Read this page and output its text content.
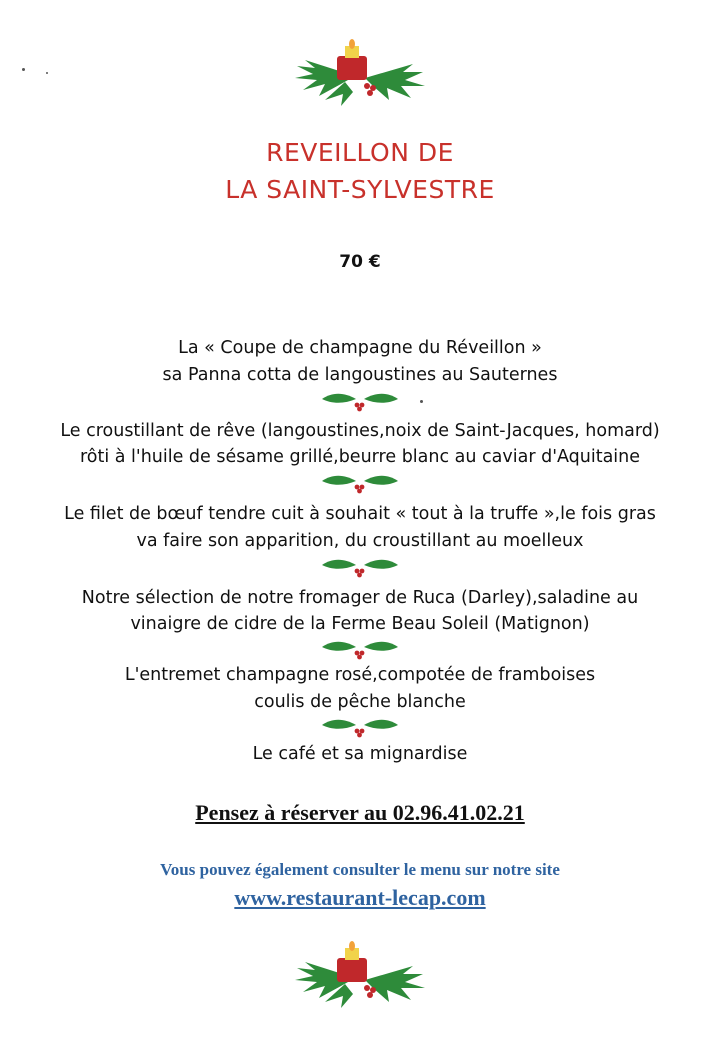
REVEILLON DE
LA SAINT-SYLVESTRE
70 €
La « Coupe de champagne du Réveillon »
sa Panna cotta de langoustines au Sauternes
Le croustillant de rêve (langoustines,noix de Saint-Jacques, homard)
rôti à l'huile de sésame grillé,beurre blanc au caviar d'Aquitaine
Le filet de bœuf tendre cuit à souhait « tout à la truffe »,le fois gras
va faire son apparition, du croustillant au moelleux
Notre sélection de notre fromager de Ruca (Darley),saladine au
vinaigre de cidre de la Ferme Beau Soleil (Matignon)
L'entremet champagne rosé,compotée de framboises
coulis de pêche blanche
Le café et sa mignardise
Pensez à réserver au 02.96.41.02.21
Vous pouvez également consulter le menu sur notre site
www.restaurant-lecap.com
